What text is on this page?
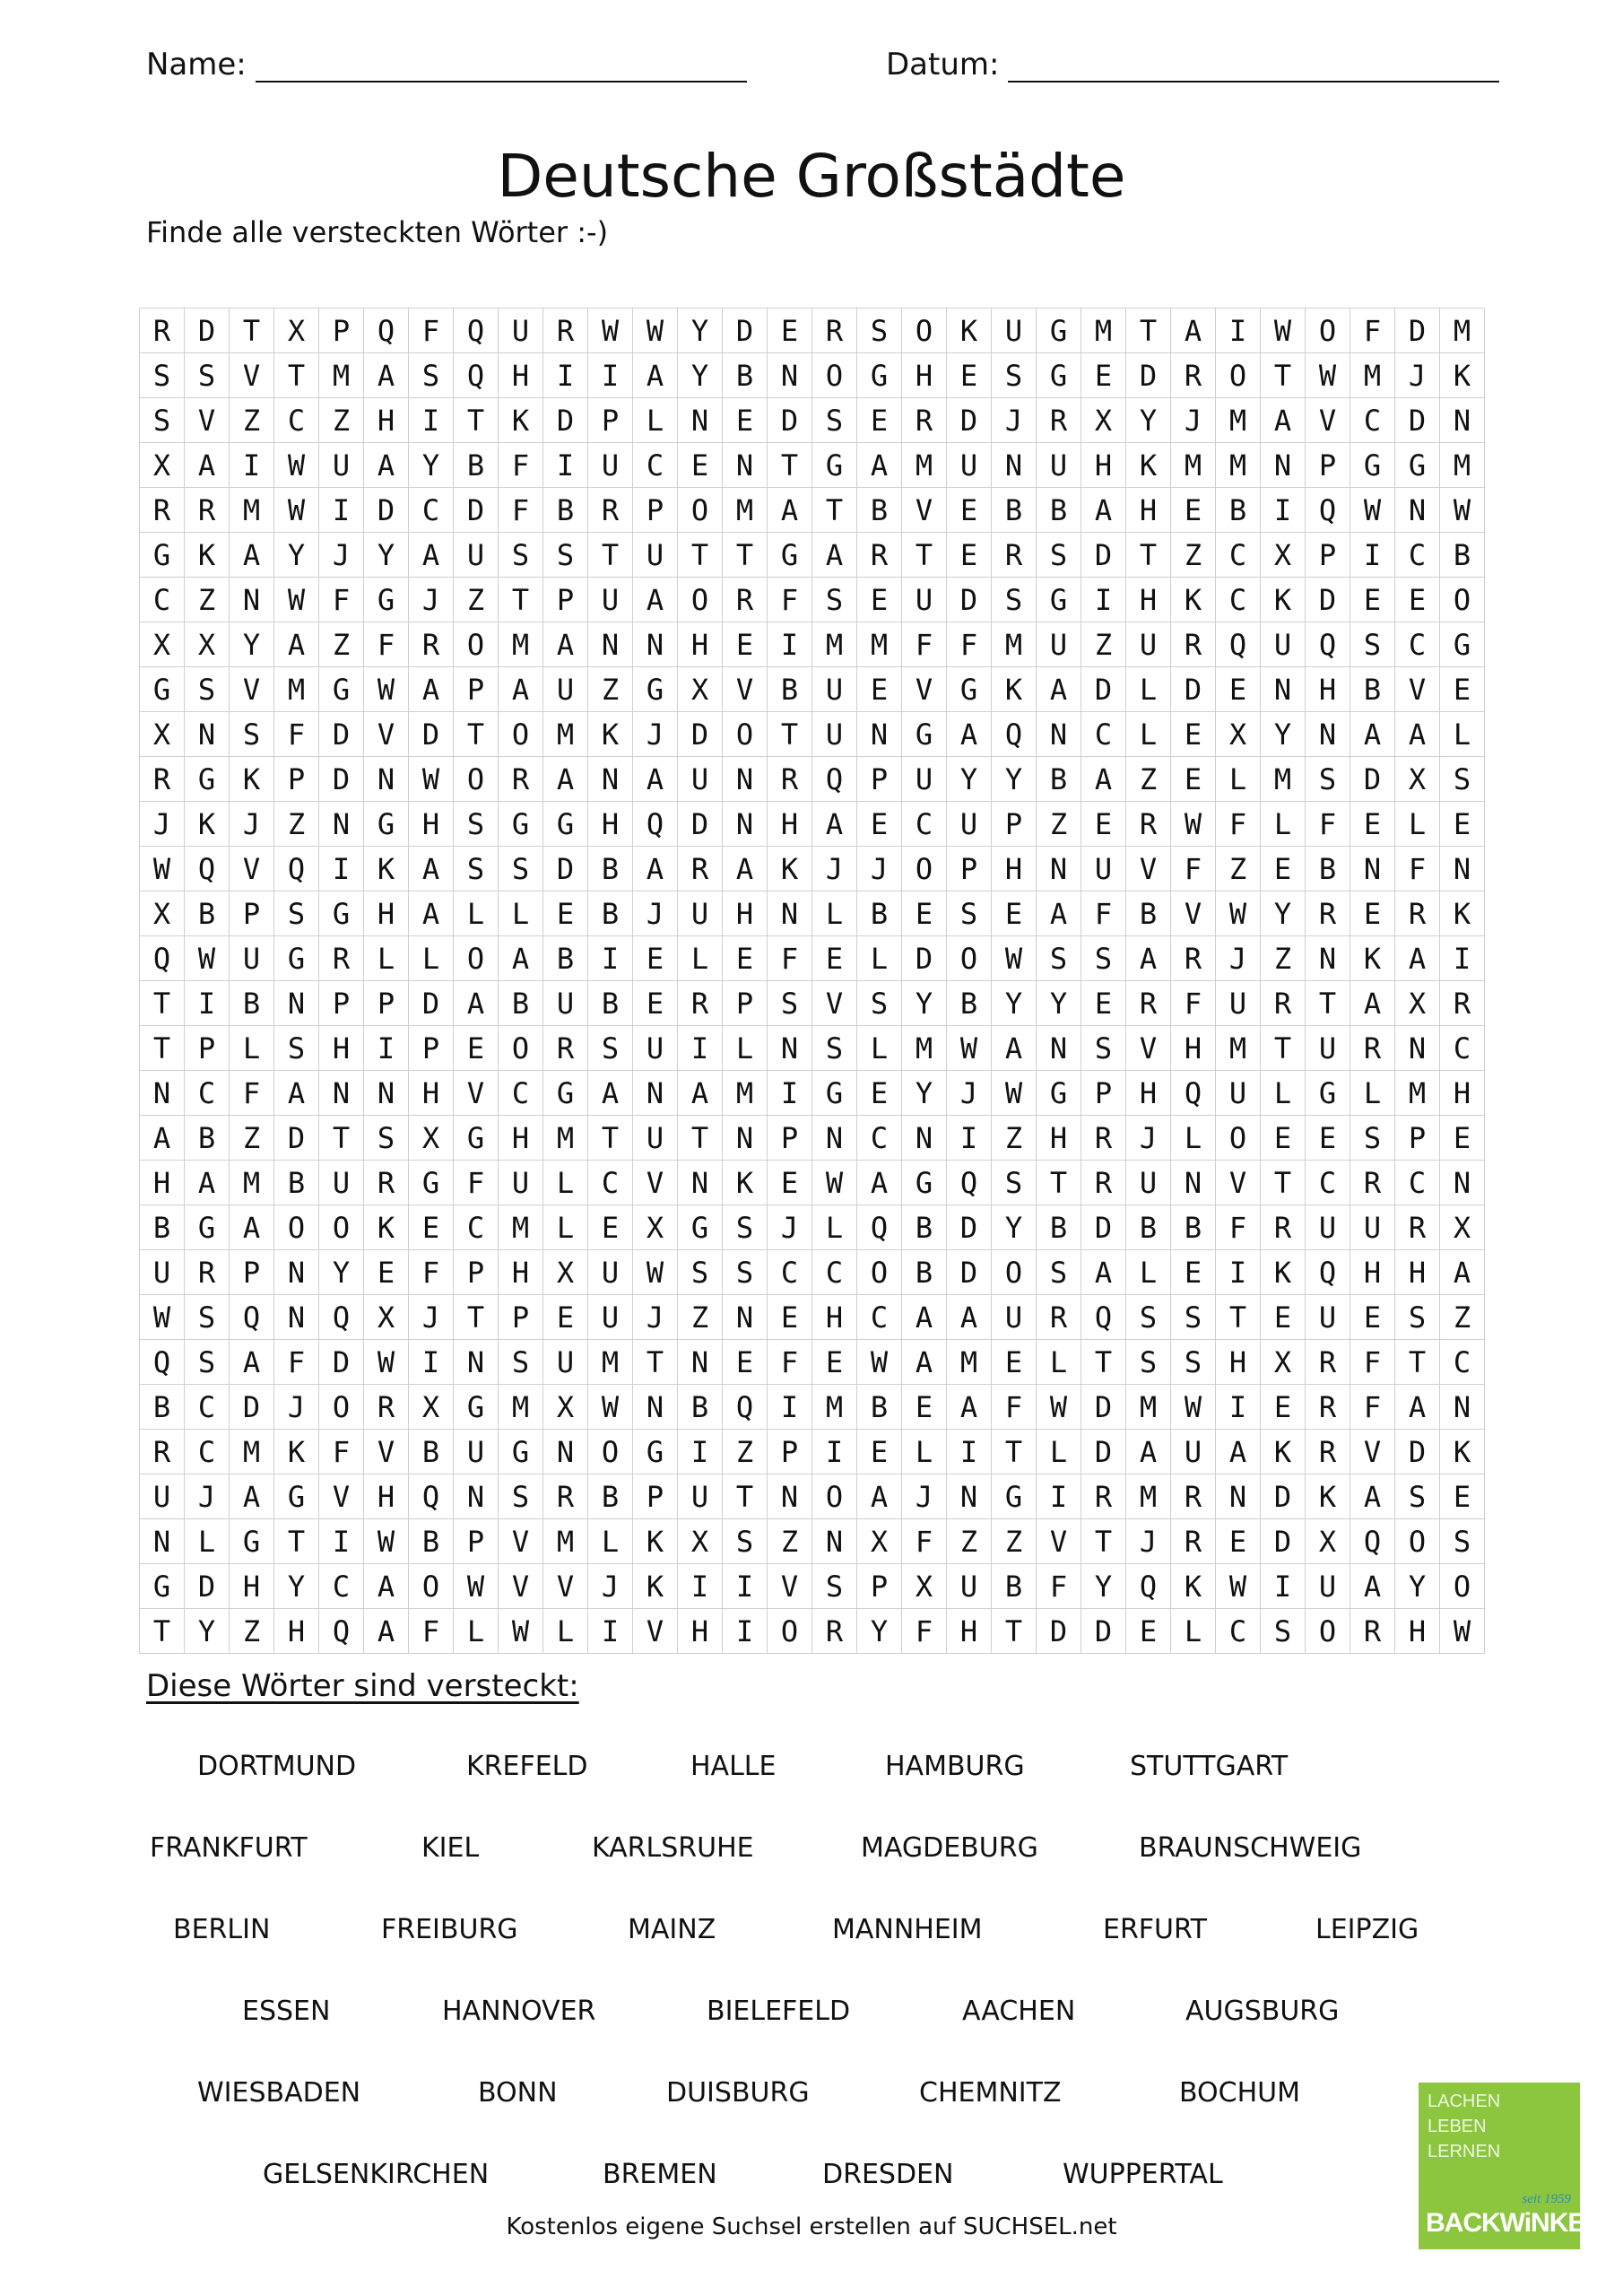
Name:	Datum:
Deutsche Großstädte
Finde alle versteckten Wörter :-)
R	D	T	X	P	Q	F	Q	U	R	W	W	Y	D	E	R	S	O	K	U	G	M	T	A	I	W	O	F	D	M
S	S	V	T	M	A	S	Q	H	I	I	A	Y	B	N	O	G	H	E	S	G	E	D	R	O	T	W	M	J	K
S	V	Z	C	Z	H	I	T	K	D	P	L	N	E	D	S	E	R	D	J	R	X	Y	J	M	A	V	C	D	N
X	A	I	W	U	A	Y	B	F	I	U	C	E	N	T	G	A	M	U	N	U	H	K	M	M	N	P	G	G	M
R	R	M	W	I	D	C	D	F	B	R	P	O	M	A	T	B	V	E	B	B	A	H	E	B	I	Q	W	N	W
G	K	A	Y	J	Y	A	U	S	S	T	U	T	T	G	A	R	T	E	R	S	D	T	Z	C	X	P	I	C	B
C	Z	N	W	F	G	J	Z	T	P	U	A	O	R	F	S	E	U	D	S	G	I	H	K	C	K	D	E	E	O
X	X	Y	A	Z	F	R	O	M	A	N	N	H	E	I	M	M	F	F	M	U	Z	U	R	Q	U	Q	S	C	G
G	S	V	M	G	W	A	P	A	U	Z	G	X	V	B	U	E	V	G	K	A	D	L	D	E	N	H	B	V	E
X	N	S	F	D	V	D	T	O	M	K	J	D	O	T	U	N	G	A	Q	N	C	L	E	X	Y	N	A	A	L
R	G	K	P	D	N	W	O	R	A	N	A	U	N	R	Q	P	U	Y	Y	B	A	Z	E	L	M	S	D	X	S
J	K	J	Z	N	G	H	S	G	G	H	Q	D	N	H	A	E	C	U	P	Z	E	R	W	F	L	F	E	L	E
W	Q	V	Q	I	K	A	S	S	D	B	A	R	A	K	J	J	O	P	H	N	U	V	F	Z	E	B	N	F	N
X	B	P	S	G	H	A	L	L	E	B	J	U	H	N	L	B	E	S	E	A	F	B	V	W	Y	R	E	R	K
Q	W	U	G	R	L	L	O	A	B	I	E	L	E	F	E	L	D	O	W	S	S	A	R	J	Z	N	K	A	I
T	I	B	N	P	P	D	A	B	U	B	E	R	P	S	V	S	Y	B	Y	Y	E	R	F	U	R	T	A	X	R
T	P	L	S	H	I	P	E	O	R	S	U	I	L	N	S	L	M	W	A	N	S	V	H	M	T	U	R	N	C
N	C	F	A	N	N	H	V	C	G	A	N	A	M	I	G	E	Y	J	W	G	P	H	Q	U	L	G	L	M	H
A	B	Z	D	T	S	X	G	H	M	T	U	T	N	P	N	C	N	I	Z	H	R	J	L	O	E	E	S	P	E
H	A	M	B	U	R	G	F	U	L	C	V	N	K	E	W	A	G	Q	S	T	R	U	N	V	T	C	R	C	N
B	G	A	O	O	K	E	C	M	L	E	X	G	S	J	L	Q	B	D	Y	B	D	B	B	F	R	U	U	R	X
U	R	P	N	Y	E	F	P	H	X	U	W	S	S	C	C	O	B	D	O	S	A	L	E	I	K	Q	H	H	A
W	S	Q	N	Q	X	J	T	P	E	U	J	Z	N	E	H	C	A	A	U	R	Q	S	S	T	E	U	E	S	Z
Q	S	A	F	D	W	I	N	S	U	M	T	N	E	F	E	W	A	M	E	L	T	S	S	H	X	R	F	T	C
B	C	D	J	O	R	X	G	M	X	W	N	B	Q	I	M	B	E	A	F	W	D	M	W	I	E	R	F	A	N
R	C	M	K	F	V	B	U	G	N	O	G	I	Z	P	I	E	L	I	T	L	D	A	U	A	K	R	V	D	K
U	J	A	G	V	H	Q	N	S	R	B	P	U	T	N	O	A	J	N	G	I	R	M	R	N	D	K	A	S	E
N	L	G	T	I	W	B	P	V	M	L	K	X	S	Z	N	X	F	Z	Z	V	T	J	R	E	D	X	Q	O	S
G	D	H	Y	C	A	O	W	V	V	J	K	I	I	V	S	P	X	U	B	F	Y	Q	K	W	I	U	A	Y	O
T	Y	Z	H	Q	A	F	L	W	L	I	V	H	I	O	R	Y	F	H	T	D	D	E	L	C	S	O	R	H	W
Diese Wörter sind versteckt:
DORTMUND	KREFELD	HALLE	HAMBURG	STUTTGART
FRANKFURT	KIEL	KARLSRUHE	MAGDEBURG	BRAUNSCHWEIG
BERLIN	FREIBURG	MAINZ	MANNHEIM	ERFURT	LEIPZIG
ESSEN	HANNOVER	BIELEFELD	AACHEN	AUGSBURG
WIESBADEN	BONN	DUISBURG	CHEMNITZ	BOCHUM
GELSENKIRCHEN	BREMEN	DRESDEN	WUPPERTAL
Kostenlos eigene Suchsel erstellen auf SUCHSEL.net
LACHEN
LEBEN
LERNEN
seit 1959
BACKWiNKEL
